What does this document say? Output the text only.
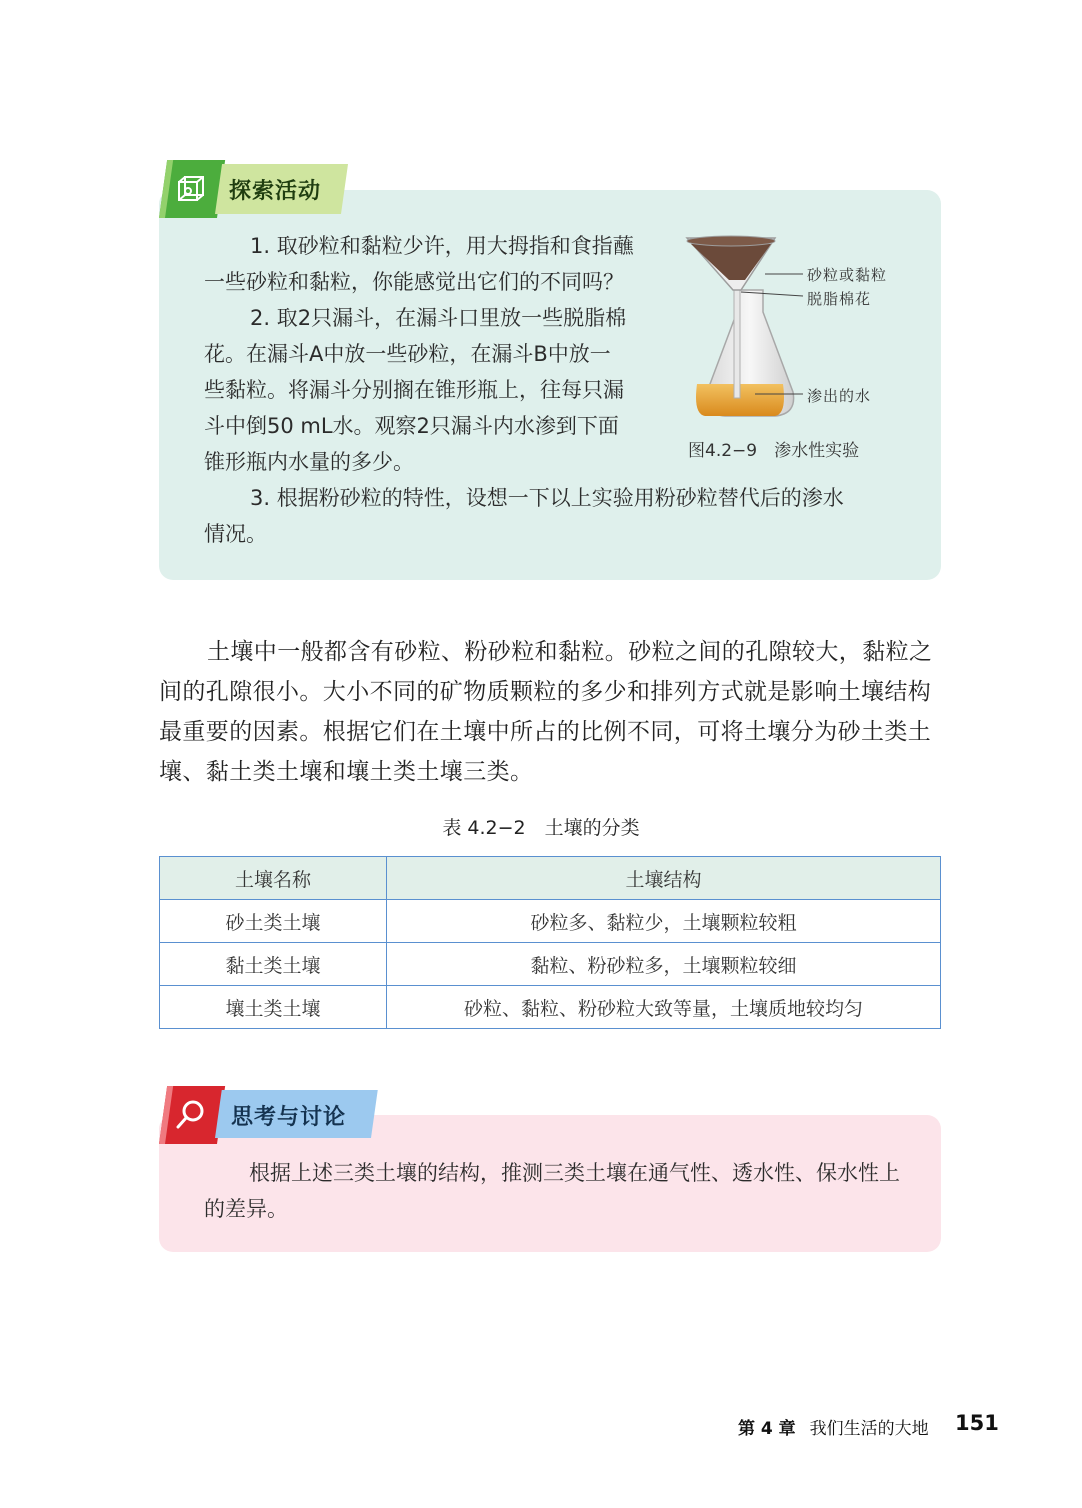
探索活动

1. 取砂粒和黏粒少许，用大拇指和食指蘸

一些砂粒和黏粒，你能感觉出它们的不同吗？

2. 取2只漏斗，在漏斗口里放一些脱脂棉

花。在漏斗A中放一些砂粒，在漏斗B中放一

些黏粒。将漏斗分别搁在锥形瓶上，往每只漏

斗中倒50 mL水。观察2只漏斗内水渗到下面

锥形瓶内水量的多少。

3. 根据粉砂粒的特性，设想一下以上实验用粉砂粒替代后的渗水

情况。

砂粒或黏粒
脱脂棉花
渗出的水
图4.2−9　渗水性实验

土壤中一般都含有砂粒、粉砂粒和黏粒。砂粒之间的孔隙较大，黏粒之间的孔隙很小。大小不同的矿物质颗粒的多少和排列方式就是影响土壤结构最重要的因素。根据它们在土壤中所占的比例不同，可将土壤分为砂土类土壤、黏土类土壤和壤土类土壤三类。

表 4.2−2　土壤的分类
土壤名称	土壤结构
砂土类土壤	砂粒多、黏粒少，土壤颗粒较粗
黏土类土壤	黏粒、粉砂粒多，土壤颗粒较细
壤土类土壤	砂粒、黏粒、粉砂粒大致等量，土壤质地较均匀
思考与讨论

根据上述三类土壤的结构，推测三类土壤在通气性、透水性、保水性上的差异。

第 4 章 我们生活的大地 151
